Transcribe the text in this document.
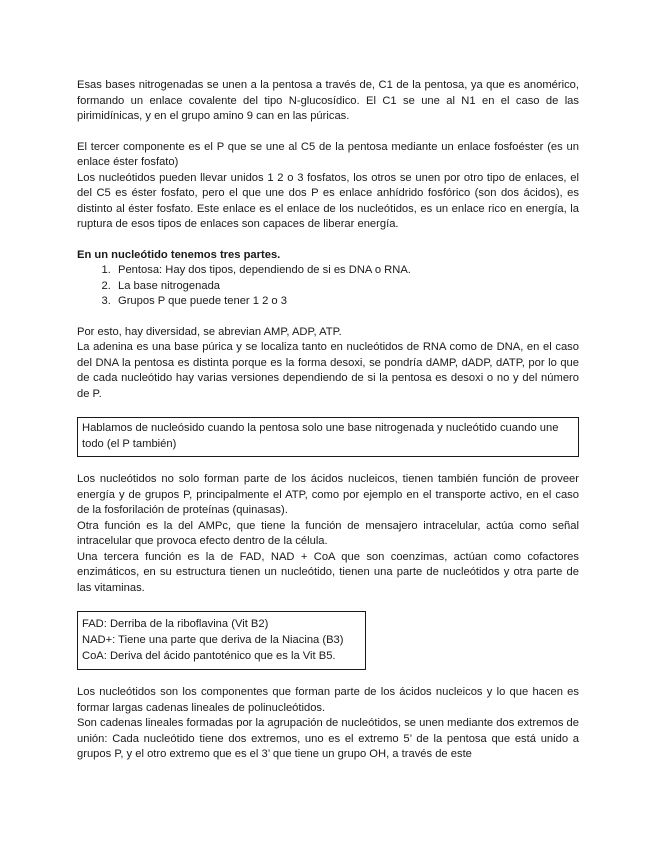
Esas bases nitrogenadas se unen a la pentosa a través de, C1 de la pentosa, ya que es anomérico, formando un enlace covalente del tipo N-glucosídico. El C1 se une al N1 en el caso de las pirimidínicas, y en el grupo amino 9 can en las púricas.

El tercer componente es el P que se une al C5 de la pentosa mediante un enlace fosfoéster (es un enlace éster fosfato)

Los nucleótidos pueden llevar unidos 1 2 o 3 fosfatos, los otros se unen por otro tipo de enlaces, el del C5 es éster fosfato, pero el que une dos P es enlace anhídrido fosfórico (son dos ácidos), es distinto al éster fosfato. Este enlace es el enlace de los nucleótidos, es un enlace rico en energía, la ruptura de esos tipos de enlaces son capaces de liberar energía.

En un nucleótido tenemos tres partes.
1. Pentosa: Hay dos tipos, dependiendo de si es DNA o RNA.
2. La base nitrogenada
3. Grupos P que puede tener 1 2 o 3

Por esto, hay diversidad, se abrevian AMP, ADP, ATP.

La adenina es una base púrica y se localiza tanto en nucleótidos de RNA como de DNA, en el caso del DNA la pentosa es distinta porque es la forma desoxi, se pondría dAMP, dADP, dATP, por lo que de cada nucleótido hay varias versiones dependiendo de si la pentosa es desoxi o no y del número de P.

Hablamos de nucleósido cuando la pentosa solo une base nitrogenada y nucleótido cuando une todo (el P también)

Los nucleótidos no solo forman parte de los ácidos nucleicos, tienen también función de proveer energía y de grupos P, principalmente el ATP, como por ejemplo en el transporte activo, en el caso de la fosforilación de proteínas (quinasas).

Otra función es la del AMPc, que tiene la función de mensajero intracelular, actúa como señal intracelular que provoca efecto dentro de la célula.

Una tercera función es la de FAD, NAD + CoA que son coenzimas, actúan como cofactores enzimáticos, en su estructura tienen un nucleótido, tienen una parte de nucleótidos y otra parte de las vitaminas.

FAD: Derriba de la riboflavina (Vit B2)
NAD+: Tiene una parte que deriva de la Niacina (B3)
CoA: Deriva del ácido pantoténico que es la Vit B5.

Los nucleótidos son los componentes que forman parte de los ácidos nucleicos y lo que hacen es formar largas cadenas lineales de polinucleótidos.

Son cadenas lineales formadas por la agrupación de nucleótidos, se unen mediante dos extremos de unión: Cada nucleótido tiene dos extremos, uno es el extremo 5’ de la pentosa que está unido a grupos P, y el otro extremo que es el 3’ que tiene un grupo OH, a través de este
